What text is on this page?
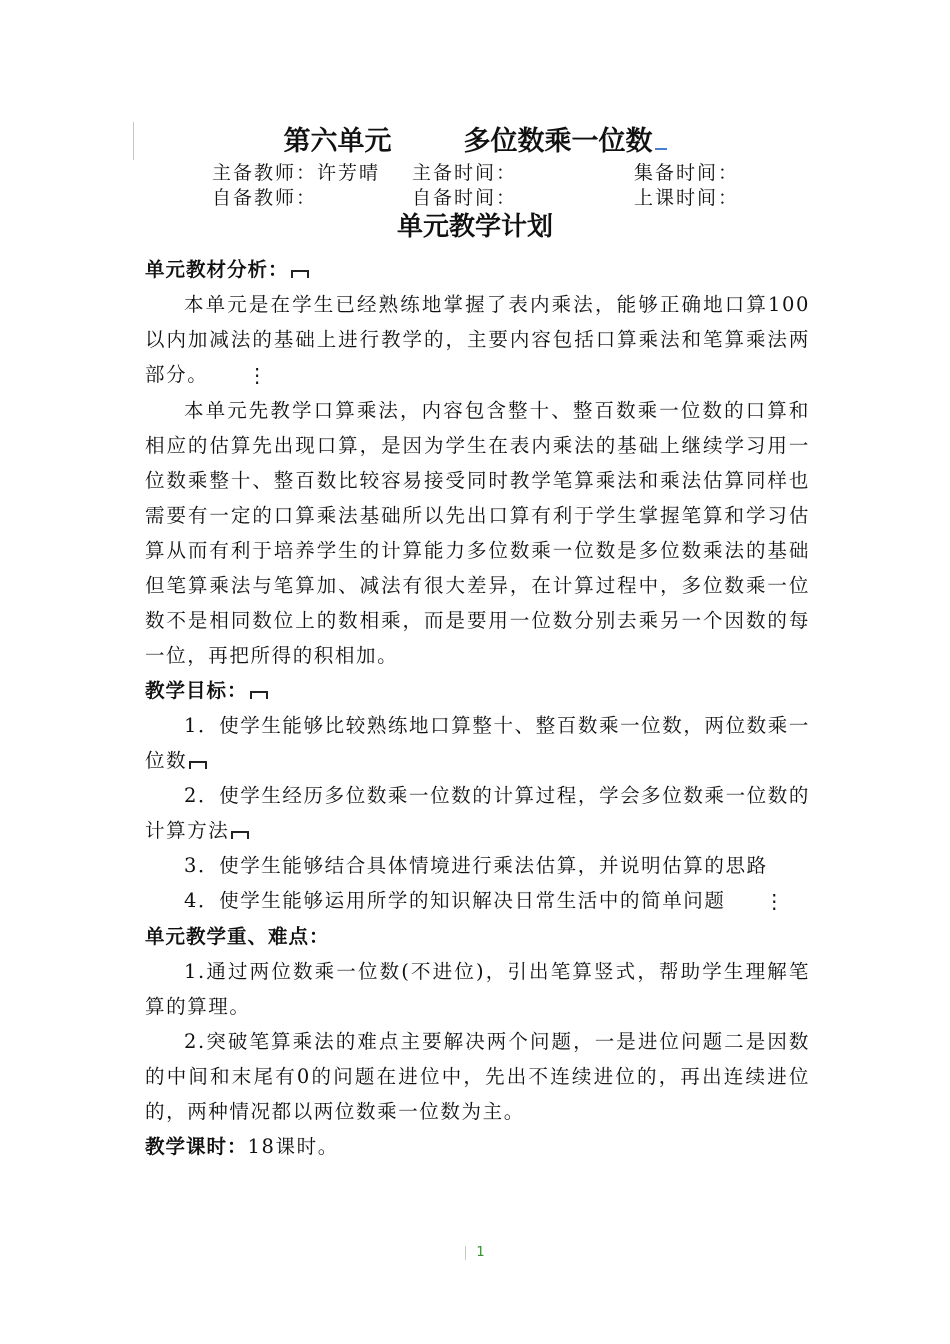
第六单元	多位数乘一位数
主备教师：许芳晴 主备时间：	集备时间：
自备教师：	自备时间：	上课时间：
单元教学计划

单元教材分析：

本单元是在学生已经熟练地掌握了表内乘法，能够正确地口算100以内加减法的基础上进行教学的，主要内容包括口算乘法和笔算乘法两部分。 ⋮

本单元先教学口算乘法，内容包含整十、整百数乘一位数的口算和相应的估算先出现口算，是因为学生在表内乘法的基础上继续学习用一位数乘整十、整百数比较容易接受同时教学笔算乘法和乘法估算同样也需要有一定的口算乘法基础所以先出口算有利于学生掌握笔算和学习估算从而有利于培养学生的计算能力多位数乘一位数是多位数乘法的基础但笔算乘法与笔算加、减法有很大差异，在计算过程中，多位数乘一位数不是相同数位上的数相乘，而是要用一位数分别去乘另一个因数的每一位，再把所得的积相加。

教学目标：

1．使学生能够比较熟练地口算整十、整百数乘一位数，两位数乘一位数

2．使学生经历多位数乘一位数的计算过程，学会多位数乘一位数的计算方法

3．使学生能够结合具体情境进行乘法估算，并说明估算的思路

4．使学生能够运用所学的知识解决日常生活中的简单问题 ⋮

单元教学重、难点：

1.通过两位数乘一位数(不进位)，引出笔算竖式，帮助学生理解笔算的算理。

2.突破笔算乘法的难点主要解决两个问题，一是进位问题二是因数的中间和末尾有0的问题在进位中，先出不连续进位的，再出连续进位的，两种情况都以两位数乘一位数为主。

教学课时：18课时。

1
